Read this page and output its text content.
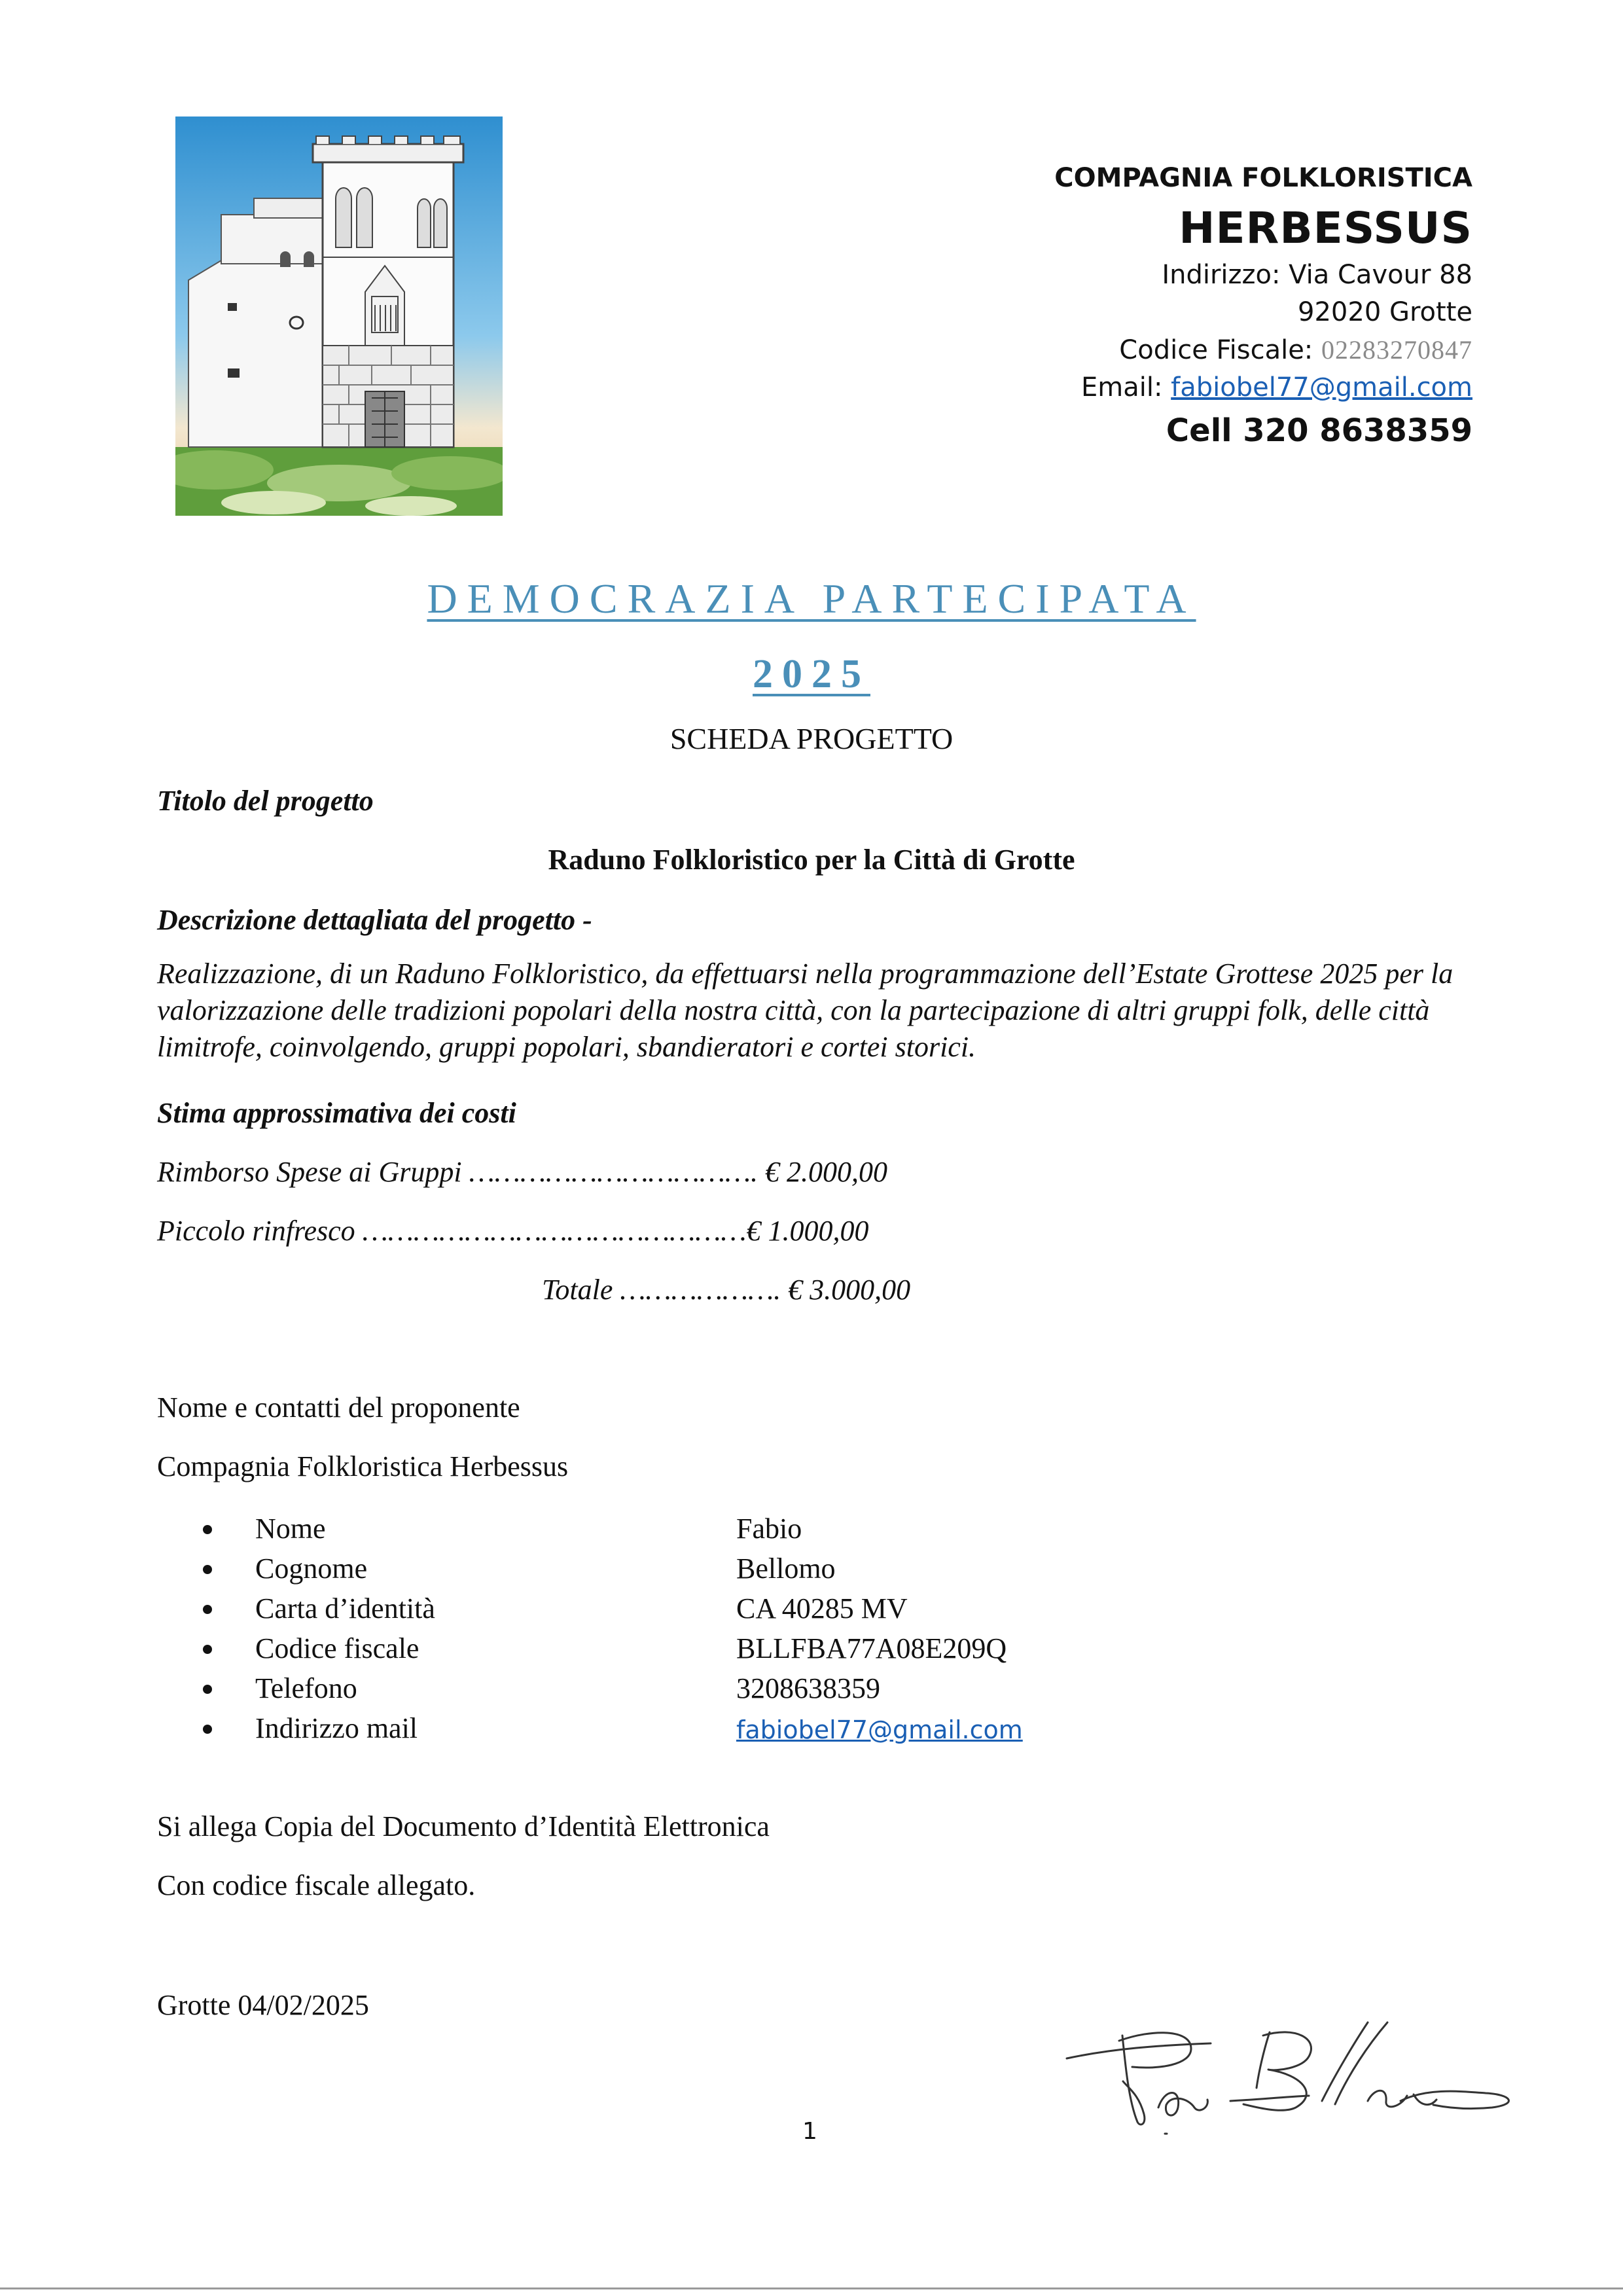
COMPAGNIA FOLKLORISTICA
HERBESSUS
Indirizzo: Via Cavour 88
92020 Grotte
Codice Fiscale: 02283270847
Email: fabiobel77@gmail.com
Cell 320 8638359
DEMOCRAZIA PARTECIPATA
2025
SCHEDA PROGETTO
Titolo del progetto
Raduno Folkloristico per la Città di Grotte
Descrizione dettagliata del progetto -
Realizzazione, di un Raduno Folkloristico, da effettuarsi nella programmazione dell’Estate Grottese 2025 per la valorizzazione delle tradizioni popolari della nostra città, con la partecipazione di altri gruppi folk, delle città limitrofe, coinvolgendo, gruppi popolari, sbandieratori e cortei storici.
Stima approssimativa dei costi
Rimborso Spese ai Gruppi ……………………………. € 2.000,00
Piccolo rinfresco ………………………………………€ 1.000,00
Totale ………………. € 3.000,00
Nome e contatti del proponente
Compagnia Folkloristica Herbessus
Nome	Fabio
Cognome	Bellomo
Carta d’identità	CA 40285 MV
Codice fiscale	BLLFBA77A08E209Q
Telefono	3208638359
Indirizzo mail	fabiobel77@gmail.com
Si allega Copia del Documento d’Identità Elettronica
Con codice fiscale allegato.
Grotte 04/02/2025
1
